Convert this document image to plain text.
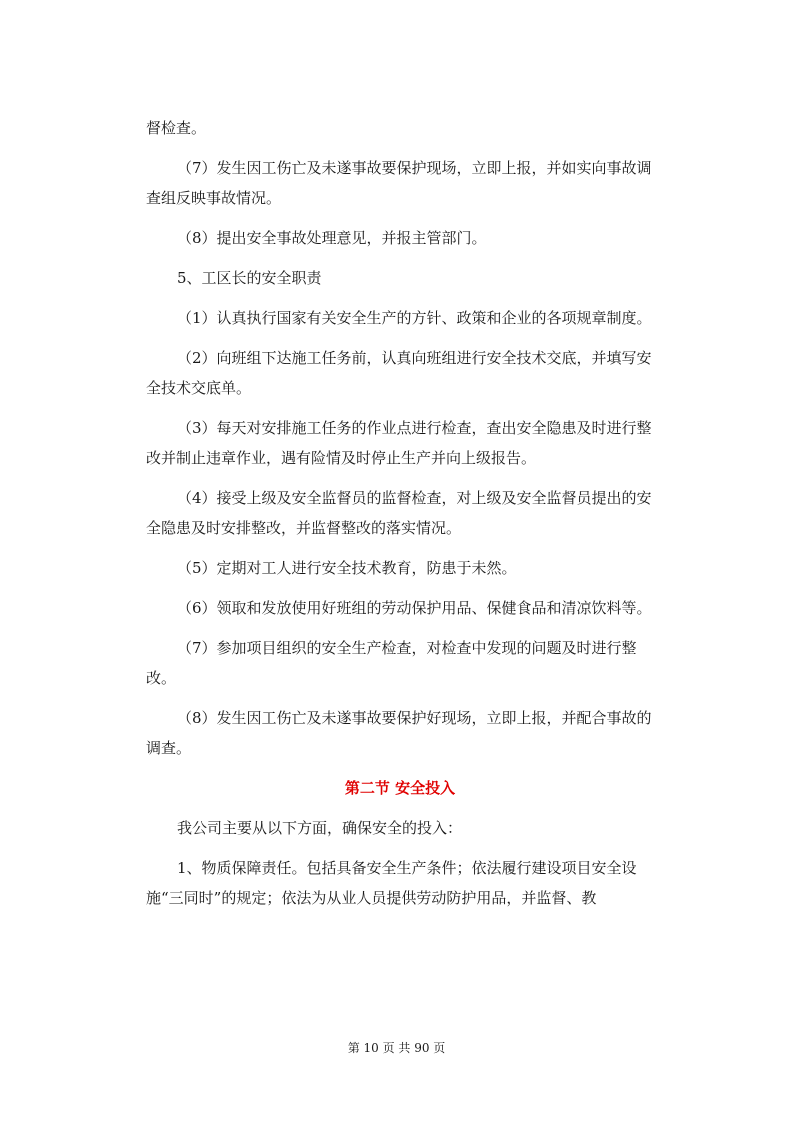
督检查。

（7）发生因工伤亡及未遂事故要保护现场，立即上报，并如实向事故调查组反映事故情况。

（8）提出安全事故处理意见，并报主管部门。

5、工区长的安全职责

（1）认真执行国家有关安全生产的方针、政策和企业的各项规章制度。

（2）向班组下达施工任务前，认真向班组进行安全技术交底，并填写安全技术交底单。

（3）每天对安排施工任务的作业点进行检查，查出安全隐患及时进行整改并制止违章作业，遇有险情及时停止生产并向上级报告。

（4）接受上级及安全监督员的监督检查，对上级及安全监督员提出的安全隐患及时安排整改，并监督整改的落实情况。

（5）定期对工人进行安全技术教育，防患于未然。

（6）领取和发放使用好班组的劳动保护用品、保健食品和清凉饮料等。

（7）参加项目组织的安全生产检查，对检查中发现的问题及时进行整改。

（8）发生因工伤亡及未遂事故要保护好现场，立即上报，并配合事故的调查。

第二节 安全投入

我公司主要从以下方面，确保安全的投入：

1、物质保障责任。包括具备安全生产条件；依法履行建设项目安全设施“三同时”的规定；依法为从业人员提供劳动防护用品，并监督、教

第 10 页 共 90 页
